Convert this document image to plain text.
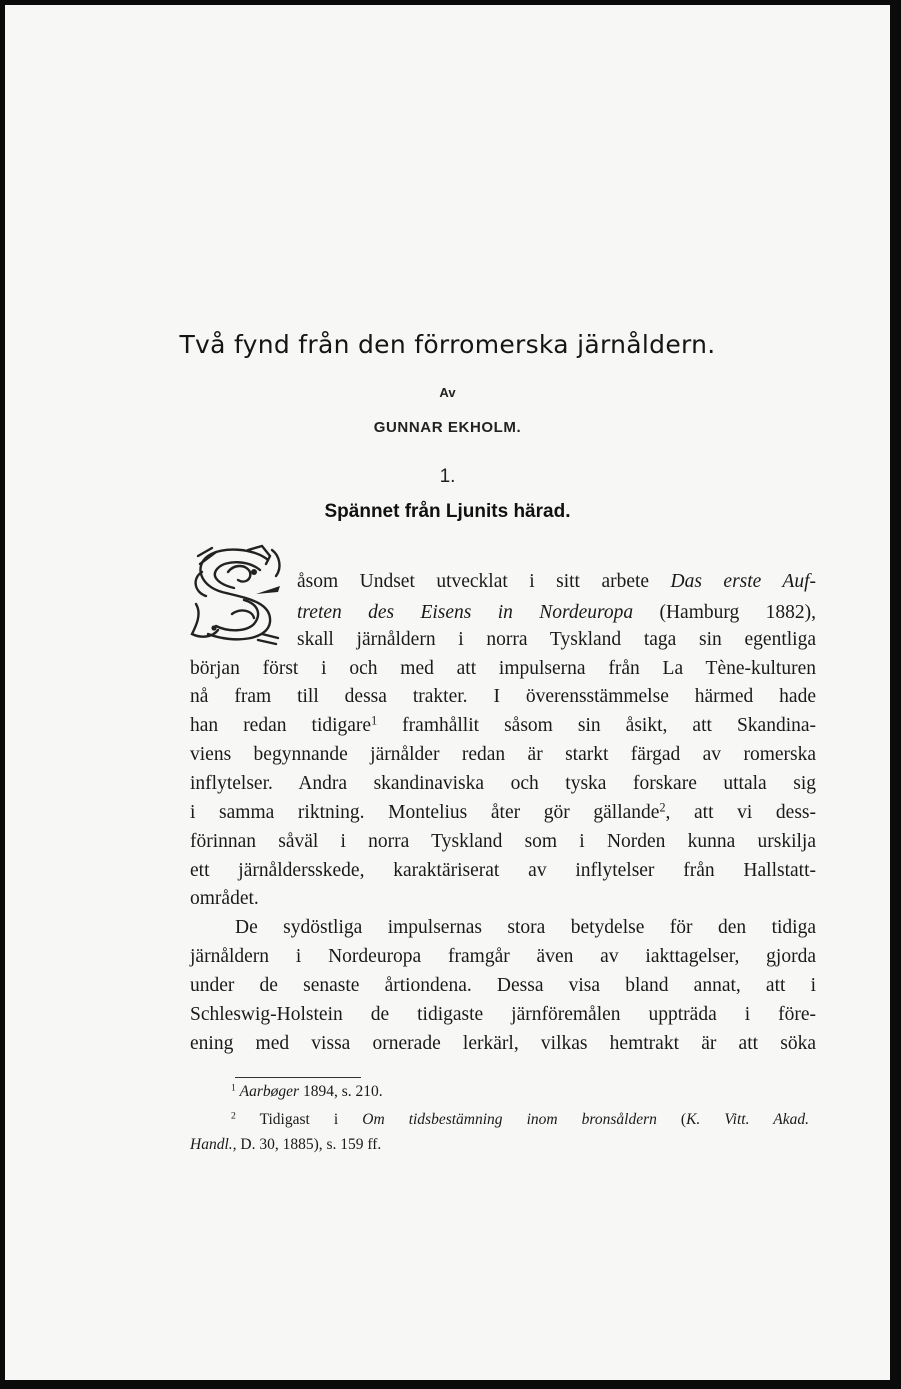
Två fynd från den förromerska järnåldern.
Av
GUNNAR EKHOLM.
1.
Spännet från Ljunits härad.
åsom Undset utvecklat i sitt arbete Das erste Auf-
treten des Eisens in Nordeuropa (Hamburg 1882),
skall järnåldern i norra Tyskland taga sin egentliga
början först i och med att impulserna från La Tène-kulturen
nå fram till dessa trakter. I överensstämmelse härmed hade
han redan tidigare$^1$ framhållit såsom sin åsikt, att Skandina-
viens begynnande järnålder redan är starkt färgad av romerska
inflytelser. Andra skandinaviska och tyska forskare uttala sig
i samma riktning. Montelius åter gör gällande$^2$, att vi dess-
förinnan såväl i norra Tyskland som i Norden kunna urskilja
ett järnåldersskede, karaktäriserat av inflytelser från Hallstatt-
området.
De sydöstliga impulsernas stora betydelse för den tidiga
järnåldern i Nordeuropa framgår även av iakttagelser, gjorda
under de senaste årtiondena. Dessa visa bland annat, att i
Schleswig-Holstein de tidigaste järnföremålen uppträda i före-
ening med vissa ornerade lerkärl, vilkas hemtrakt är att söka
$^1$ Aarbøger 1894, s. 210.
$^2$ Tidigast i Om tidsbestämning inom bronsåldern (K. Vitt. Akad.
Handl., D. 30, 1885), s. 159 ff.
